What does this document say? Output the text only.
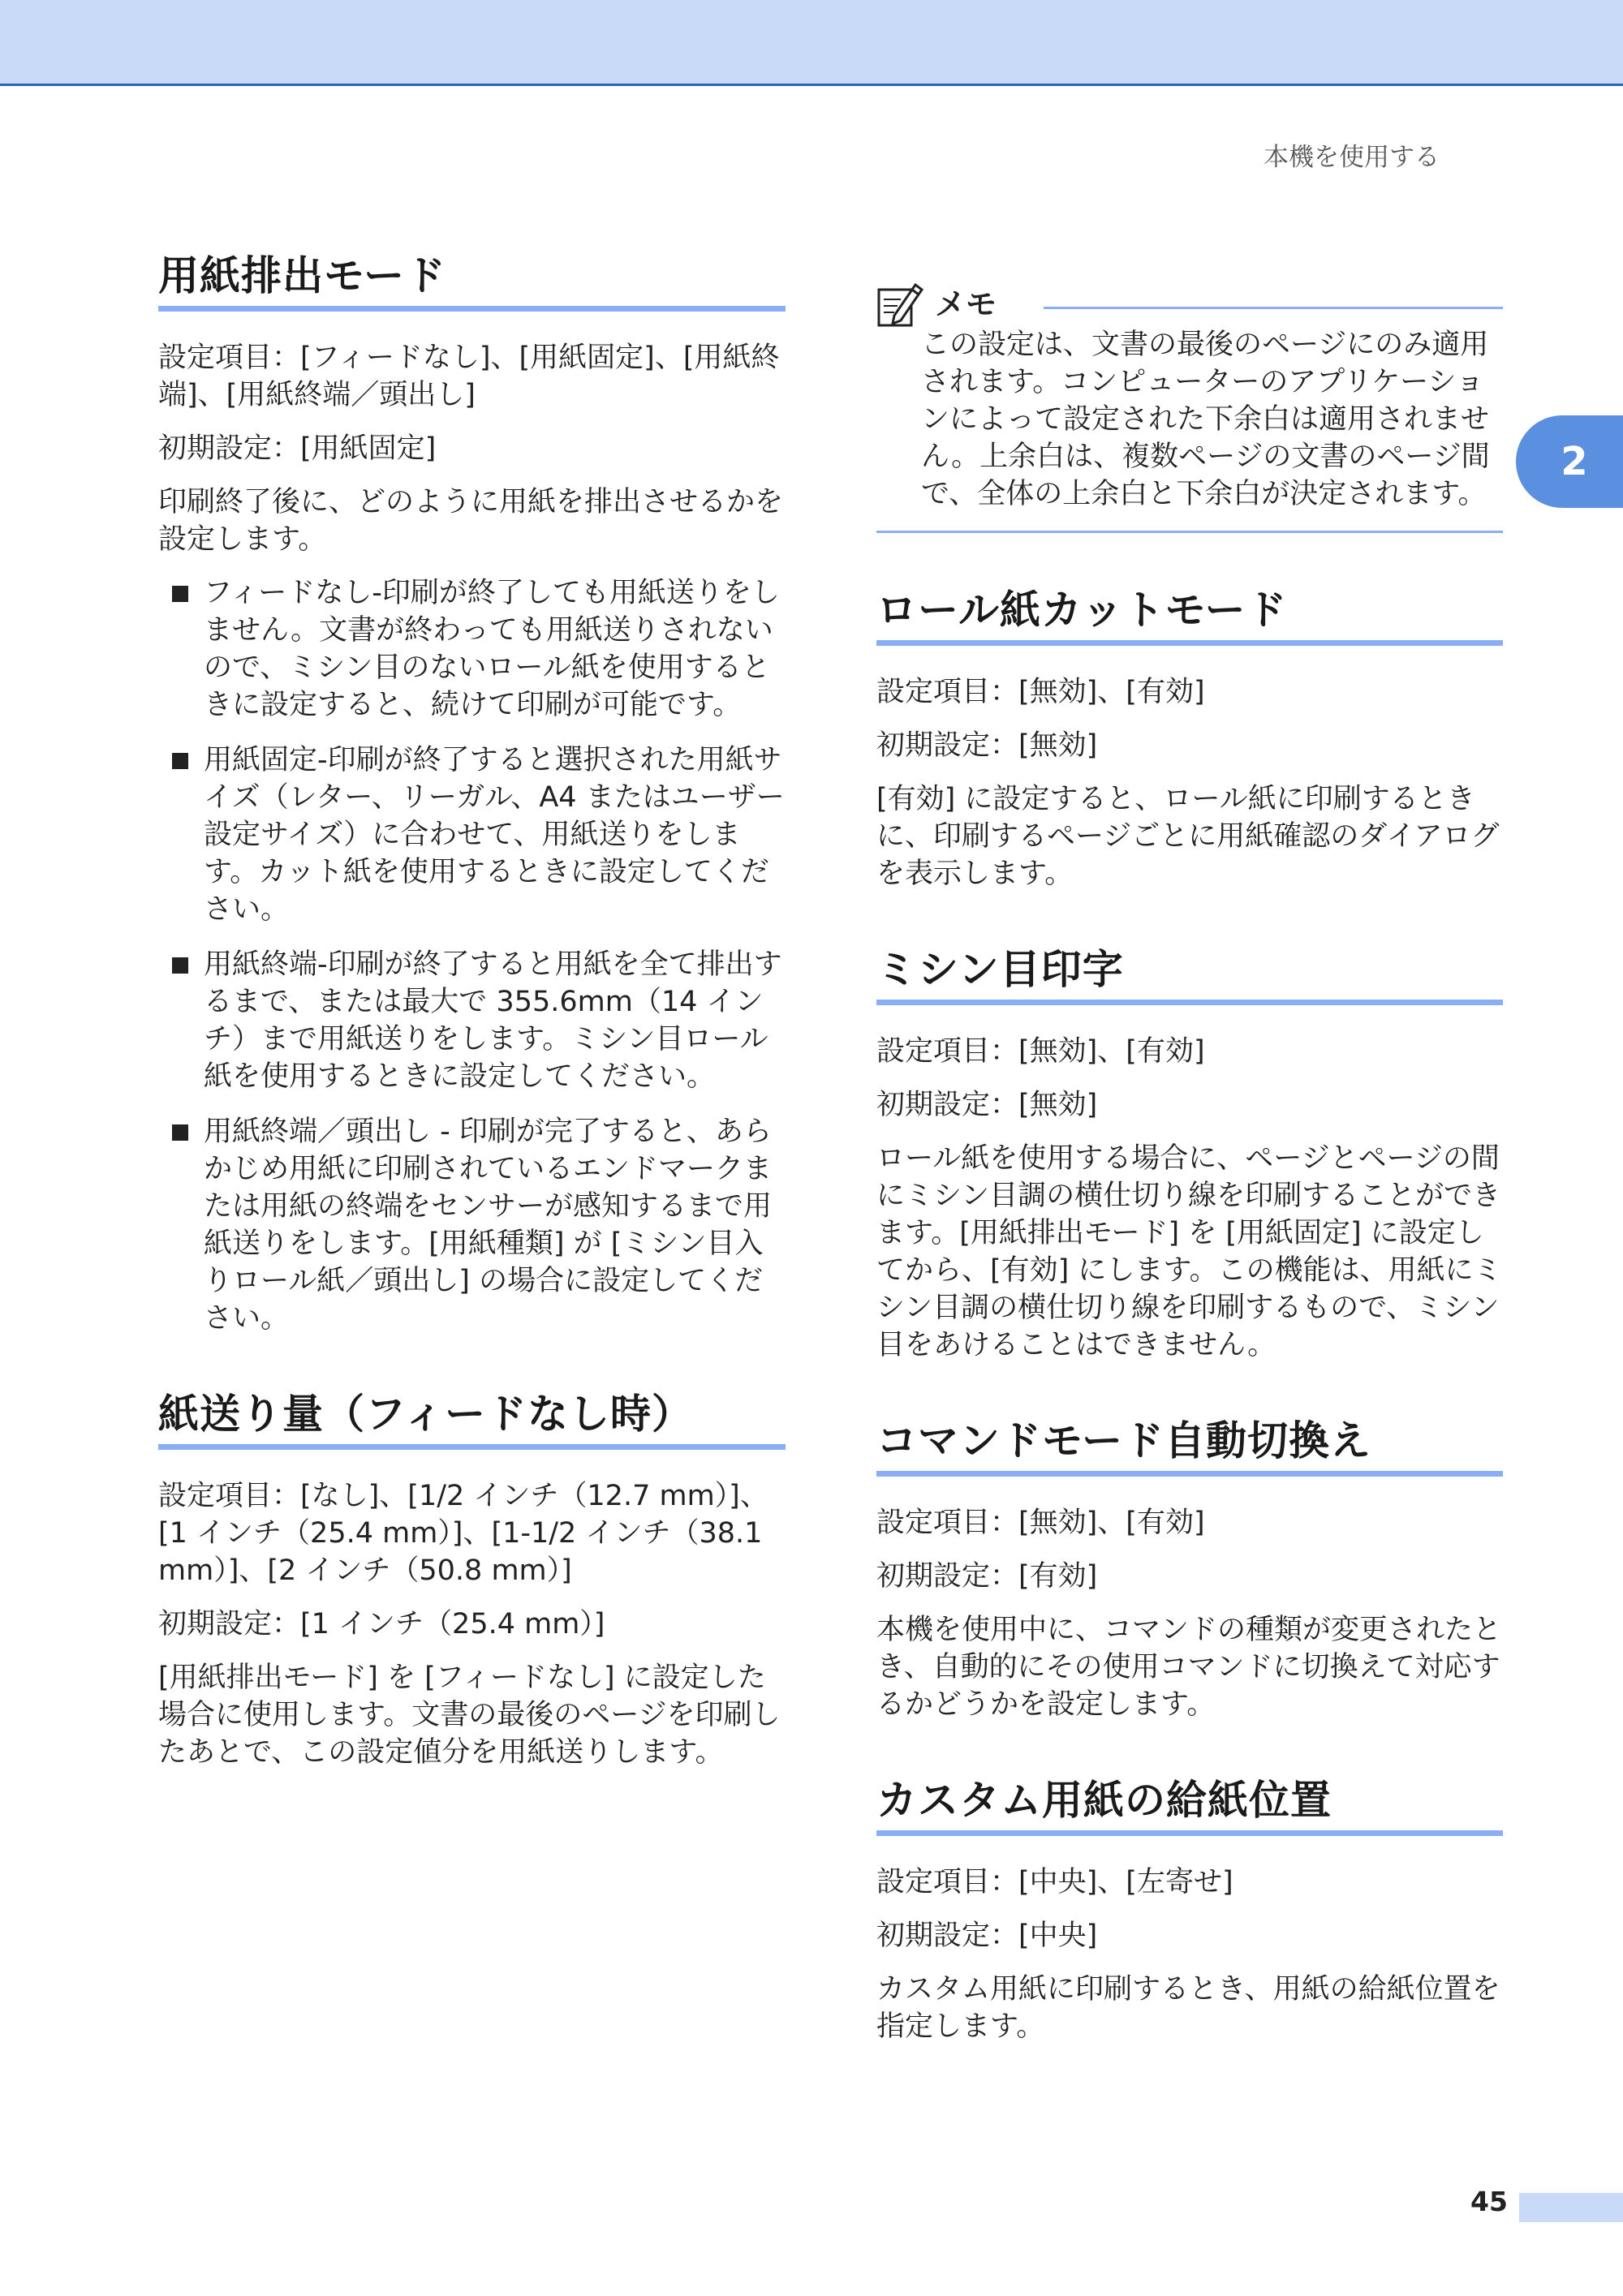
本機を使用する
2
用紙排出モード

設定項目：[フィードなし]、[用紙固定]、[用紙終端]、[用紙終端／頭出し]

初期設定：[用紙固定]

印刷終了後に、どのように用紙を排出させるかを設定します。

フィードなし-印刷が終了しても用紙送りをしません。文書が終わっても用紙送りされないので、ミシン目のないロール紙を使用するときに設定すると、続けて印刷が可能です。
用紙固定-印刷が終了すると選択された用紙サイズ（レター、リーガル、A4 またはユーザー設定サイズ）に合わせて、用紙送りをします。カット紙を使用するときに設定してください。
用紙終端-印刷が終了すると用紙を全て排出するまで、または最大で 355.6mm（14 インチ）まで用紙送りをします。ミシン目ロール紙を使用するときに設定してください。
用紙終端／頭出し - 印刷が完了すると、あらかじめ用紙に印刷されているエンドマークまたは用紙の終端をセンサーが感知するまで用紙送りをします。[用紙種類] が [ミシン目入りロール紙／頭出し] の場合に設定してください。
紙送り量（フィードなし時）

設定項目：[なし]、[1/2 インチ（12.7 mm）]、[1 インチ（25.4 mm）]、[1-1/2 インチ（38.1 mm）]、[2 インチ（50.8 mm）]

初期設定：[1 インチ（25.4 mm）]

[用紙排出モード] を [フィードなし] に設定した場合に使用します。文書の最後のページを印刷したあとで、この設定値分を用紙送りします。

メモ

この設定は、文書の最後のページにのみ適用されます。コンピューターのアプリケーションによって設定された下余白は適用されません。上余白は、複数ページの文書のページ間で、全体の上余白と下余白が決定されます。

ロール紙カットモード

設定項目：[無効]、[有効]

初期設定：[無効]

[有効] に設定すると、ロール紙に印刷するときに、印刷するページごとに用紙確認のダイアログを表示します。

ミシン目印字

設定項目：[無効]、[有効]

初期設定：[無効]

ロール紙を使用する場合に、ページとページの間にミシン目調の横仕切り線を印刷することができます。[用紙排出モード] を [用紙固定] に設定してから、[有効] にします。この機能は、用紙にミシン目調の横仕切り線を印刷するもので、ミシン目をあけることはできません。

コマンドモード自動切換え

設定項目：[無効]、[有効]

初期設定：[有効]

本機を使用中に、コマンドの種類が変更されたとき、自動的にその使用コマンドに切換えて対応するかどうかを設定します。

カスタム用紙の給紙位置

設定項目：[中央]、[左寄せ]

初期設定：[中央]

カスタム用紙に印刷するとき、用紙の給紙位置を指定します。

45
